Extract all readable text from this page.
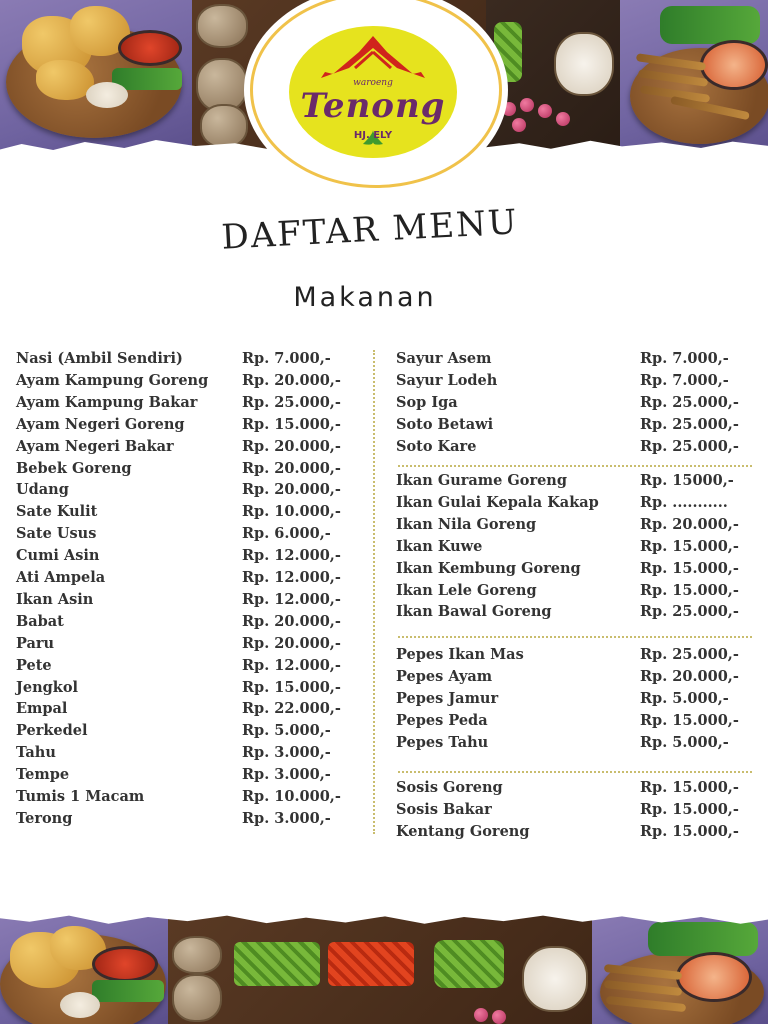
waroeng
Tenong
HJ. ELY
DAFTAR MENU
Makanan
Nasi (Ambil Sendiri)	Rp. 7.000,-
Ayam Kampung Goreng Rp. 20.000,-
Ayam Kampung Bakar	Rp. 25.000,-
Ayam Negeri Goreng	Rp. 15.000,-
Ayam Negeri Bakar	Rp. 20.000,-
Bebek Goreng	Rp. 20.000,-
Udang	Rp. 20.000,-
Sate Kulit	Rp. 10.000,-
Sate Usus	Rp. 6.000,-
Cumi Asin	Rp. 12.000,-
Ati Ampela	Rp. 12.000,-
Ikan Asin	Rp. 12.000,-
Babat	Rp. 20.000,-
Paru	Rp. 20.000,-
Pete	Rp. 12.000,-
Jengkol	Rp. 15.000,-
Empal	Rp. 22.000,-
Perkedel	Rp. 5.000,-
Tahu	Rp. 3.000,-
Tempe	Rp. 3.000,-
Tumis 1 Macam	Rp. 10.000,-
Terong	Rp. 3.000,-
Sayur Asem	Rp. 7.000,-
Sayur Lodeh	Rp. 7.000,-
Sop Iga	Rp. 25.000,-
Soto Betawi	Rp. 25.000,-
Soto Kare	Rp. 25.000,-
Ikan Gurame Goreng	Rp. 15000,-
Ikan Gulai Kepala Kakap	Rp. ...........
Ikan Nila Goreng	Rp. 20.000,-
Ikan Kuwe	Rp. 15.000,-
Ikan Kembung Goreng	Rp. 15.000,-
Ikan Lele Goreng	Rp. 15.000,-
Ikan Bawal Goreng	Rp. 25.000,-
Pepes Ikan Mas	Rp. 25.000,-
Pepes Ayam	Rp. 20.000,-
Pepes Jamur	Rp. 5.000,-
Pepes Peda	Rp. 15.000,-
Pepes Tahu	Rp. 5.000,-
Sosis Goreng	Rp. 15.000,-
Sosis Bakar	Rp. 15.000,-
Kentang Goreng	Rp. 15.000,-
